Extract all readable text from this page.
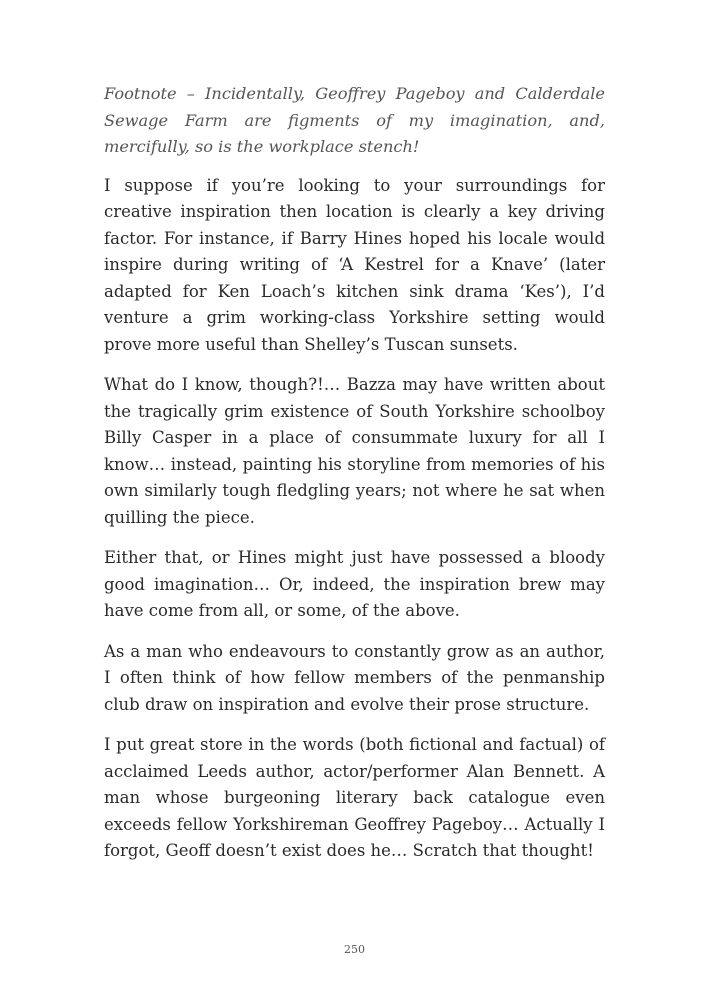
Footnote – Incidentally, Geoffrey Pageboy and Calderdale Sewage Farm are figments of my imagination, and, mercifully, so is the workplace stench!

I suppose if you’re looking to your surroundings for creative inspiration then location is clearly a key driving factor. For instance, if Barry Hines hoped his locale would inspire during writing of ‘A Kestrel for a Knave’ (later adapted for Ken Loach’s kitchen sink drama ‘Kes’), I’d venture a grim working-class Yorkshire setting would prove more useful than Shelley’s Tuscan sunsets.

What do I know, though?!… Bazza may have written about the tragically grim existence of South Yorkshire schoolboy Billy Casper in a place of consummate luxury for all I know… instead, painting his storyline from memories of his own similarly tough fledgling years; not where he sat when quilling the piece.

Either that, or Hines might just have possessed a bloody good imagination… Or, indeed, the inspiration brew may have come from all, or some, of the above.

As a man who endeavours to constantly grow as an author, I often think of how fellow members of the penmanship club draw on inspiration and evolve their prose structure.

I put great store in the words (both fictional and factual) of acclaimed Leeds author, actor/performer Alan Bennett. A man whose burgeoning literary back catalogue even exceeds fellow Yorkshireman Geoffrey Pageboy… Actually I forgot, Geoff doesn’t exist does he… Scratch that thought!

250
